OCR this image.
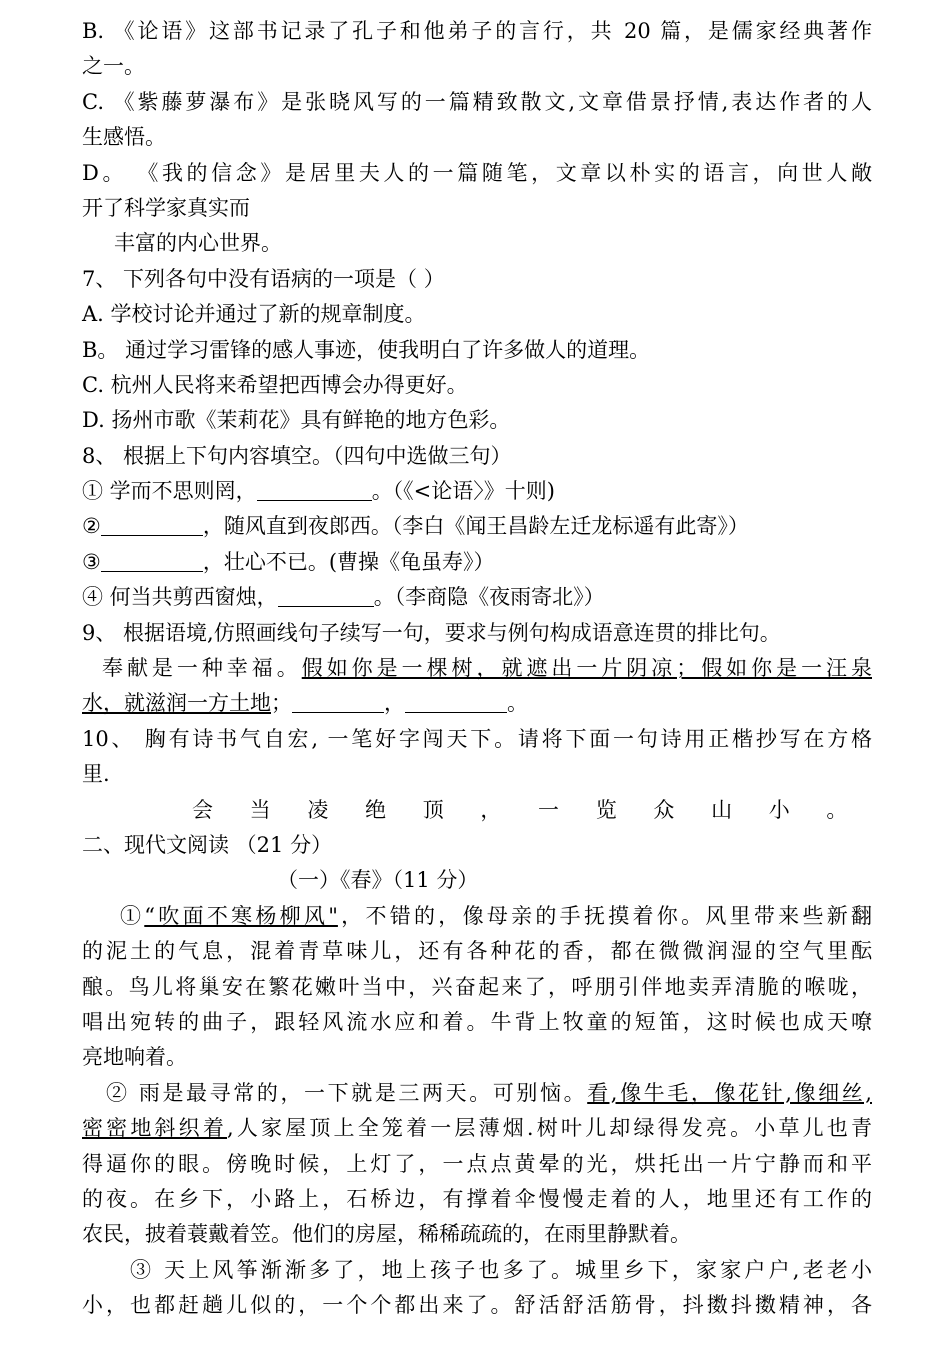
B. 《论语》这部书记录了孔子和他弟子的言行，共 20 篇，是儒家经典著作
之一。
C. 《紫藤萝瀑布》是张晓风写的一篇精致散文,文章借景抒情,表达作者的人
生感悟。
D。 《我的信念》是居里夫人的一篇随笔，文章以朴实的语言，向世人敞
开了科学家真实而
丰富的内心世界。
7、 下列各句中没有语病的一项是（ ）
A. 学校讨论并通过了新的规章制度。
B。 通过学习雷锋的感人事迹，使我明白了许多做人的道理。
C. 杭州人民将来希望把西博会办得更好。
D. 扬州市歌《茉莉花》具有鲜艳的地方色彩。
8、 根据上下句内容填空。（四句中选做三句）
① 学而不思则罔，	。（《<论语〉》十则)
②	，随风直到夜郎西。（李白《闻王昌龄左迁龙标遥有此寄》）
③	，壮心不已。(曹操《龟虽寿》）
④ 何当共剪西窗烛，	。（李商隐《夜雨寄北》）
9、 根据语境,仿照画线句子续写一句，要求与例句构成语意连贯的排比句。
奉献是一种幸福。假如你是一棵树，就遮出一片阴凉；假如你是一汪泉
水，就滋润一方土地；	，	。
10、 胸有诗书气自宏, 一笔好字闯天下。请将下面一句诗用正楷抄写在方格
里.
会 当 凌 绝 顶 ， 一 览 众 山 小 。
二、现代文阅读 （21 分）
（一）《春》（11 分）
①“吹面不寒杨柳风"，不错的，像母亲的手抚摸着你。风里带来些新翻
的泥土的气息，混着青草味儿，还有各种花的香，都在微微润湿的空气里酝
酿。鸟儿将巢安在繁花嫩叶当中，兴奋起来了，呼朋引伴地卖弄清脆的喉咙，
唱出宛转的曲子，跟轻风流水应和着。牛背上牧童的短笛，这时候也成天嘹
亮地响着。
② 雨是最寻常的，一下就是三两天。可别恼。看,像牛毛，像花针,像细丝,
密密地斜织着,人家屋顶上全笼着一层薄烟.树叶儿却绿得发亮。小草儿也青
得逼你的眼。傍晚时候，上灯了，一点点黄晕的光，烘托出一片宁静而和平
的夜。在乡下，小路上，石桥边，有撑着伞慢慢走着的人，地里还有工作的
农民，披着蓑戴着笠。他们的房屋，稀稀疏疏的，在雨里静默着。
③ 天上风筝渐渐多了，地上孩子也多了。城里乡下，家家户户,老老小
小，也都赶趟儿似的，一个个都出来了。舒活舒活筋骨，抖擞抖擞精神，各
